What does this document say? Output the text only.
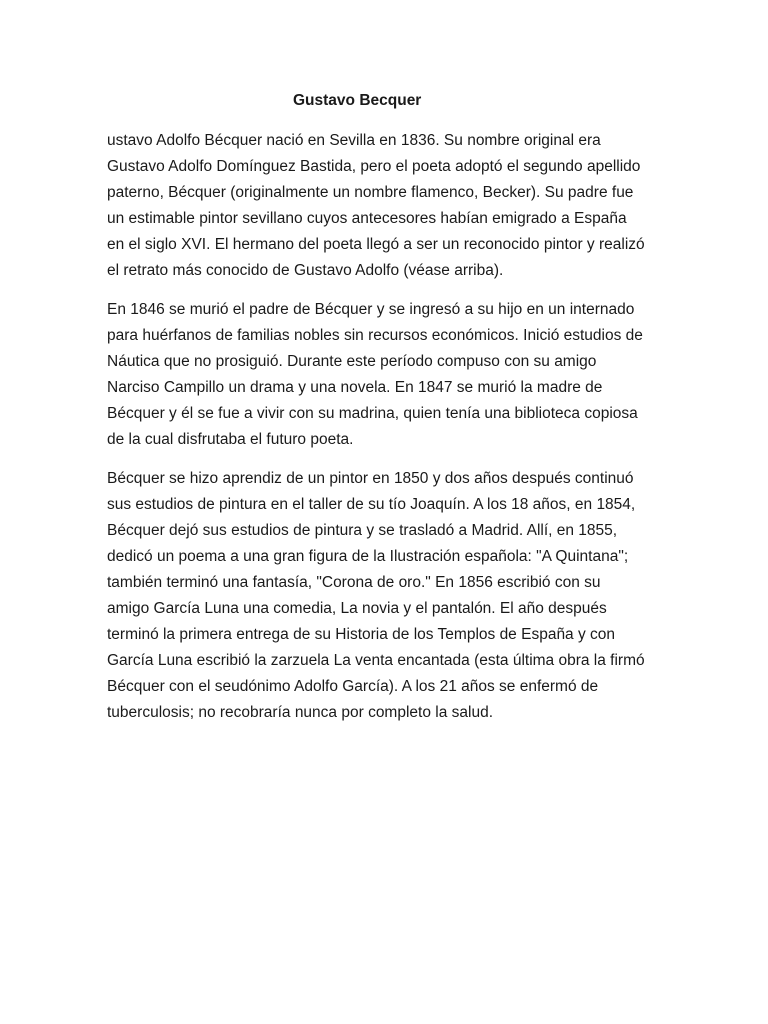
Gustavo Becquer

ustavo Adolfo Bécquer nació en Sevilla en 1836. Su nombre original era
Gustavo Adolfo Domínguez Bastida, pero el poeta adoptó el segundo apellido
paterno, Bécquer (originalmente un nombre flamenco, Becker). Su padre fue
un estimable pintor sevillano cuyos antecesores habían emigrado a España
en el siglo XVI. El hermano del poeta llegó a ser un reconocido pintor y realizó
el retrato más conocido de Gustavo Adolfo (véase arriba).

En 1846 se murió el padre de Bécquer y se ingresó a su hijo en un internado
para huérfanos de familias nobles sin recursos económicos. Inició estudios de
Náutica que no prosiguió. Durante este período compuso con su amigo
Narciso Campillo un drama y una novela. En 1847 se murió la madre de
Bécquer y él se fue a vivir con su madrina, quien tenía una biblioteca copiosa
de la cual disfrutaba el futuro poeta.

Bécquer se hizo aprendiz de un pintor en 1850 y dos años después continuó
sus estudios de pintura en el taller de su tío Joaquín. A los 18 años, en 1854,
Bécquer dejó sus estudios de pintura y se trasladó a Madrid. Allí, en 1855,
dedicó un poema a una gran figura de la Ilustración española: "A Quintana";
también terminó una fantasía, "Corona de oro." En 1856 escribió con su
amigo García Luna una comedia, La novia y el pantalón. El año después
terminó la primera entrega de su Historia de los Templos de España y con
García Luna escribió la zarzuela La venta encantada (esta última obra la firmó
Bécquer con el seudónimo Adolfo García). A los 21 años se enfermó de
tuberculosis; no recobraría nunca por completo la salud.
